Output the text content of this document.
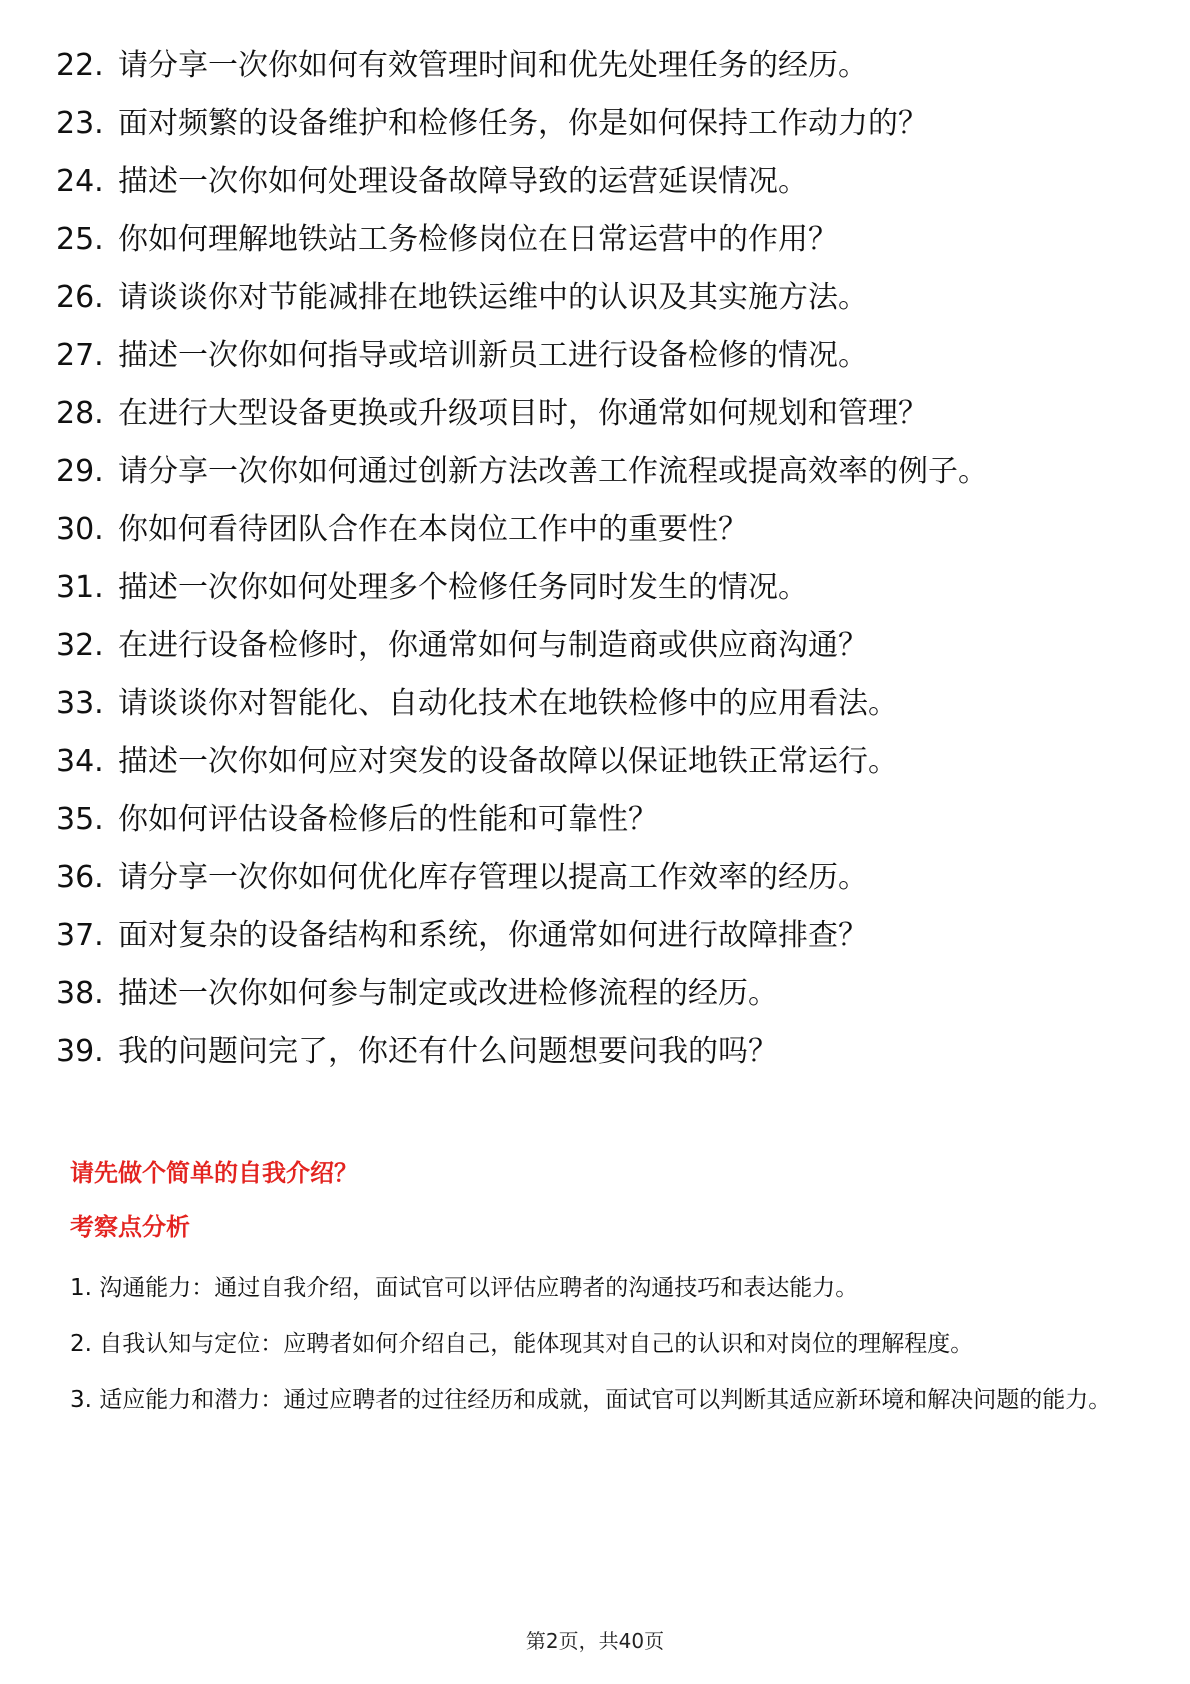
22. 请分享一次你如何有效管理时间和优先处理任务的经历。
23. 面对频繁的设备维护和检修任务，你是如何保持工作动力的？
24. 描述一次你如何处理设备故障导致的运营延误情况。
25. 你如何理解地铁站工务检修岗位在日常运营中的作用？
26. 请谈谈你对节能减排在地铁运维中的认识及其实施方法。
27. 描述一次你如何指导或培训新员工进行设备检修的情况。
28. 在进行大型设备更换或升级项目时，你通常如何规划和管理？
29. 请分享一次你如何通过创新方法改善工作流程或提高效率的例子。
30. 你如何看待团队合作在本岗位工作中的重要性？
31. 描述一次你如何处理多个检修任务同时发生的情况。
32. 在进行设备检修时，你通常如何与制造商或供应商沟通？
33. 请谈谈你对智能化、自动化技术在地铁检修中的应用看法。
34. 描述一次你如何应对突发的设备故障以保证地铁正常运行。
35. 你如何评估设备检修后的性能和可靠性？
36. 请分享一次你如何优化库存管理以提高工作效率的经历。
37. 面对复杂的设备结构和系统，你通常如何进行故障排查？
38. 描述一次你如何参与制定或改进检修流程的经历。
39. 我的问题问完了，你还有什么问题想要问我的吗？
请先做个简单的自我介绍？
考察点分析
1. 沟通能力：通过自我介绍，面试官可以评估应聘者的沟通技巧和表达能力。
2. 自我认知与定位：应聘者如何介绍自己，能体现其对自己的认识和对岗位的理解程度。
3. 适应能力和潜力：通过应聘者的过往经历和成就，面试官可以判断其适应新环境和解决问题的能力。
第2页，共40页
